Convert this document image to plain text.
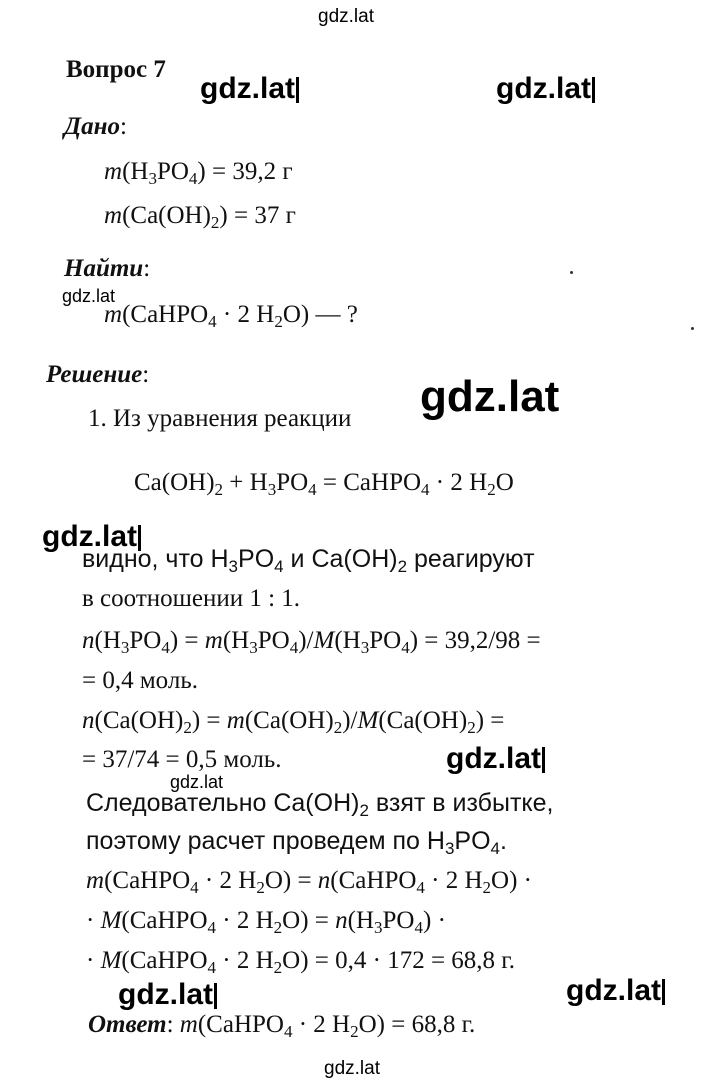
gdz.lat
Вопрос 7
gdz.lat	gdz.lat
Дано:
$m(H_3PO_4) = 39,2$ г
$m(Ca(OH)_2) = 37$ г
Найти:
gdz.lat
m(CaHPO$_4$ · 2 $H_2O$) — ?
Решение:
1. Из уравнения реакции gdz.lat
$Ca(OH)_2 + H_3PO_4$ = CaHPO$_4$ · 2 $H_2O$
gdz.lat
видно, что $H_3PO_4$ и $Ca(OH)_2$ реагируют
в соотношении 1 : 1.
$n(H_3PO_4) = m(H_3PO_4)/M(H_3PO_4) = 39,2/98$ =
= 0,4 моль.
$n(Ca(OH)_2) = m(Ca(OH)_2)/M(Ca(OH)_2)$ =
= 37/74 = 0,5 моль.	gdz.lat
gdz.lat
Следовательно $Ca(OH)_2$ взят в избытке,
поэтому расчет проведем по $H_3PO_4$.
m(CaHPO$_4$ · 2 $H_2O$) = n(CaHPO$_4$ · 2 $H_2O$) ·
· M(CaHPO$_4$ · 2 $H_2O) = n(H_3PO_4)$ ·
· M(CaHPO$_4$ · 2 $H_2O) = 0,4 \cdot 172 = 68,8$ г.
gdz.lat	gdz.lat
Ответ: m(CaHPO$_4$ · 2 $H_2O) = 68,8$ г.
gdz.lat
